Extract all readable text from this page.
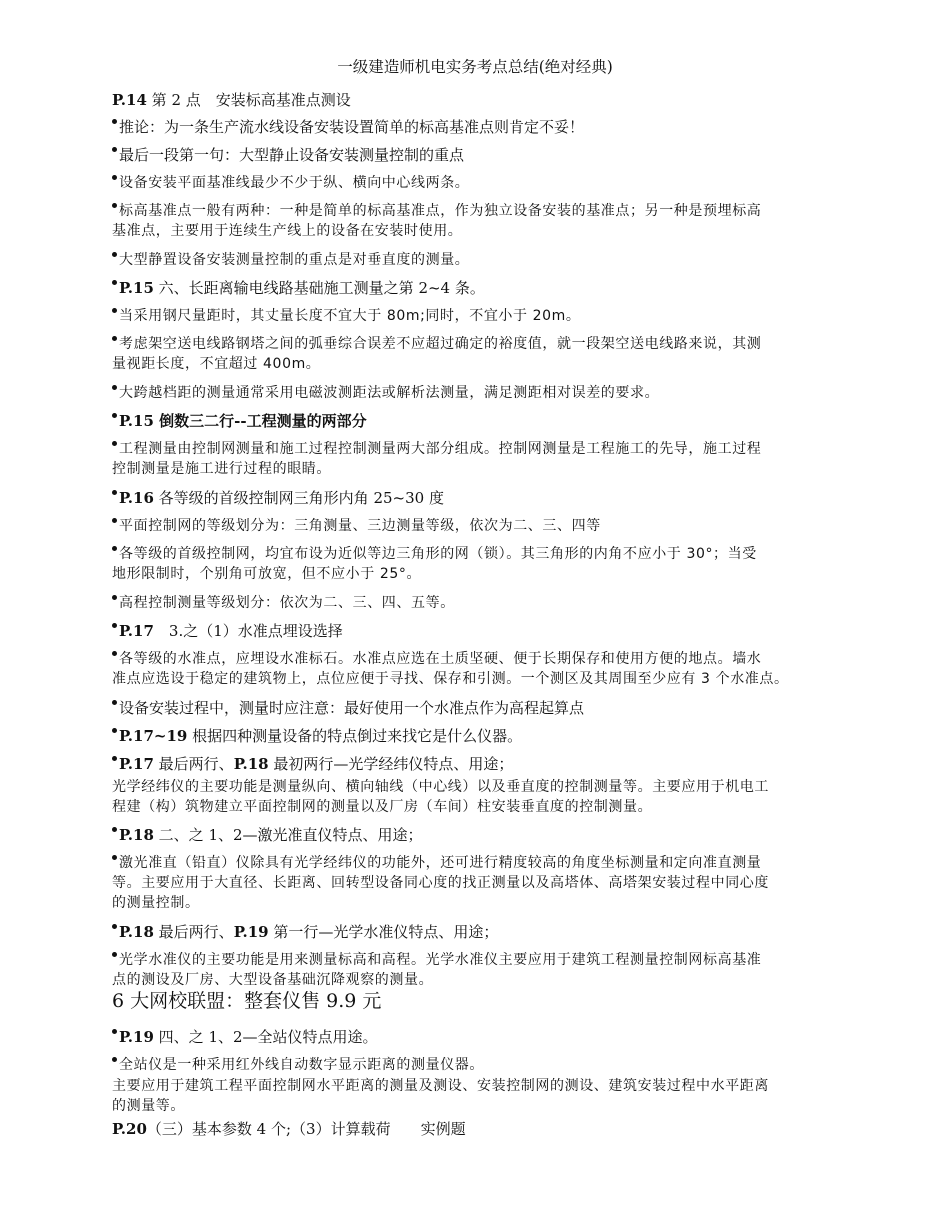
一级建造师机电实务考点总结(绝对经典)
P.14 第 2 点　安装标高基准点测设
推论：为一条生产流水线设备安装设置简单的标高基准点则肯定不妥！
最后一段第一句：大型静止设备安装测量控制的重点
设备安装平面基准线最少不少于纵、横向中心线两条。
标高基准点一般有两种：一种是简单的标高基准点，作为独立设备安装的基准点；另一种是预埋标高
基准点，主要用于连续生产线上的设备在安装时使用。
大型静置设备安装测量控制的重点是对垂直度的测量。
P.15 六、长距离输电线路基础施工测量之第 2~4 条。
当采用钢尺量距时，其丈量长度不宜大于 80m;同时，不宜小于 20m。
考虑架空送电线路钢塔之间的弧垂综合误差不应超过确定的裕度值，就一段架空送电线路来说，其测
量视距长度，不宜超过 400m。
大跨越档距的测量通常采用电磁波测距法或解析法测量，满足测距相对误差的要求。
P.15 倒数三二行--工程测量的两部分
工程测量由控制网测量和施工过程控制测量两大部分组成。控制网测量是工程施工的先导，施工过程
控制测量是施工进行过程的眼睛。
P.16 各等级的首级控制网三角形内角 25~30 度
平面控制网的等级划分为：三角测量、三边测量等级，依次为二、三、四等
各等级的首级控制网，均宜布设为近似等边三角形的网（锁）。其三角形的内角不应小于 30°；当受
地形限制时，个别角可放宽，但不应小于 25°。
高程控制测量等级划分：依次为二、三、四、五等。
P.17　3.之（1）水准点埋设选择
各等级的水准点，应埋设水准标石。水准点应选在土质坚硬、便于长期保存和使用方便的地点。墙水
准点应选设于稳定的建筑物上，点位应便于寻找、保存和引测。一个测区及其周围至少应有 3 个水准点。
设备安装过程中，测量时应注意：最好使用一个水准点作为高程起算点
P.17~19 根据四种测量设备的特点倒过来找它是什么仪器。
P.17 最后两行、P.18 最初两行—光学经纬仪特点、用途；
光学经纬仪的主要功能是测量纵向、横向轴线（中心线）以及垂直度的控制测量等。主要应用于机电工
程建（构）筑物建立平面控制网的测量以及厂房（车间）柱安装垂直度的控制测量。
P.18 二、之 1、2—激光准直仪特点、用途；
激光准直（铅直）仪除具有光学经纬仪的功能外，还可进行精度较高的角度坐标测量和定向准直测量
等。主要应用于大直径、长距离、回转型设备同心度的找正测量以及高塔体、高塔架安装过程中同心度
的测量控制。
P.18 最后两行、P.19 第一行—光学水准仪特点、用途；
光学水准仪的主要功能是用来测量标高和高程。光学水准仪主要应用于建筑工程测量控制网标高基准
点的测设及厂房、大型设备基础沉降观察的测量。
6 大网校联盟：整套仪售 9.9 元
P.19 四、之 1、2—全站仪特点用途。
全站仪是一种采用红外线自动数字显示距离的测量仪器。
主要应用于建筑工程平面控制网水平距离的测量及测设、安装控制网的测设、建筑安装过程中水平距离
的测量等。
P.20（三）基本参数 4 个;（3）计算载荷　　实例题
